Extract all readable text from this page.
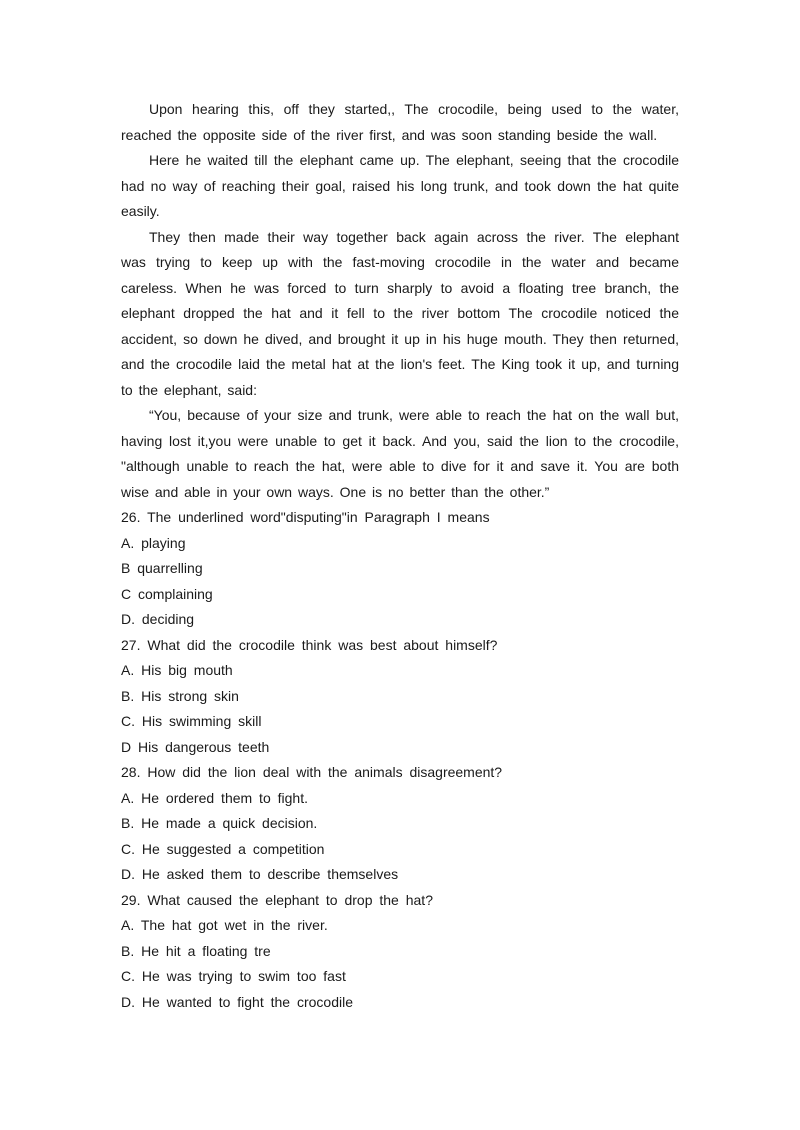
Upon hearing this, off they started,, The crocodile, being used to the water, reached the opposite side of the river first, and was soon standing beside the wall.

Here he waited till the elephant came up. The elephant, seeing that the crocodile had no way of reaching their goal, raised his long trunk, and took down the hat quite easily.

They then made their way together back again across the river. The elephant was trying to keep up with the fast-moving crocodile in the water and became careless. When he was forced to turn sharply to avoid a floating tree branch, the elephant dropped the hat and it fell to the river bottom The crocodile noticed the accident, so down he dived, and brought it up in his huge mouth. They then returned, and the crocodile laid the metal hat at the lion's feet. The King took it up, and turning to the elephant, said:

“You, because of your size and trunk, were able to reach the hat on the wall but, having lost it,you were unable to get it back. And you, said the lion to the crocodile, "although unable to reach the hat, were able to dive for it and save it. You are both wise and able in your own ways. One is no better than the other.”

26. The underlined word"disputing"in Paragraph I means

A. playing

B quarrelling

C complaining

D. deciding

27. What did the crocodile think was best about himself?

A. His big mouth

B. His strong skin

C. His swimming skill

D His dangerous teeth

28. How did the lion deal with the animals disagreement?

A. He ordered them to fight.

B. He made a quick decision.

C. He suggested a competition

D. He asked them to describe themselves

29. What caused the elephant to drop the hat?

A. The hat got wet in the river.

B. He hit a floating tre

C. He was trying to swim too fast

D. He wanted to fight the crocodile
